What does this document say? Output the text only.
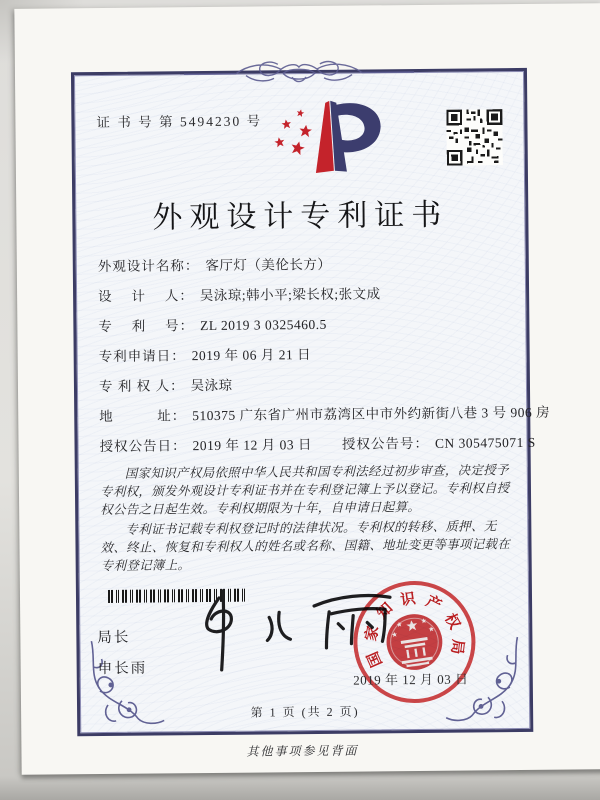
证 书 号 第 5494230 号
外观设计专利证书
外观设计名称： 客厅灯（美伦长方）
设　 计 　人： 吴泳琼;韩小平;梁长权;张文成
专　 利 　号： ZL 2019 3 0325460.5
专利申请日： 2019 年 06 月 21 日
专 利 权 人： 吴泳琼
地　　　址： 510375 广东省广州市荔湾区中市外约新街八巷 3 号 906 房
授权公告日： 2019 年 12 月 03 日 授权公告号： CN 305475071 S

国家知识产权局依照中华人民共和国专利法经过初步审查，决定授予专利权，颁发外观设计专利证书并在专利登记簿上予以登记。专利权自授权公告之日起生效。专利权期限为十年，自申请日起算。

专利证书记载专利权登记时的法律状况。专利权的转移、质押、无效、终止、恢复和专利权人的姓名或名称、国籍、地址变更等事项记载在专利登记簿上。

局长
申长雨	国
家
知
识 产
权
局
2019 年 12 月 03 日
第 1 页 (共 2 页)
其他事项参见背面
